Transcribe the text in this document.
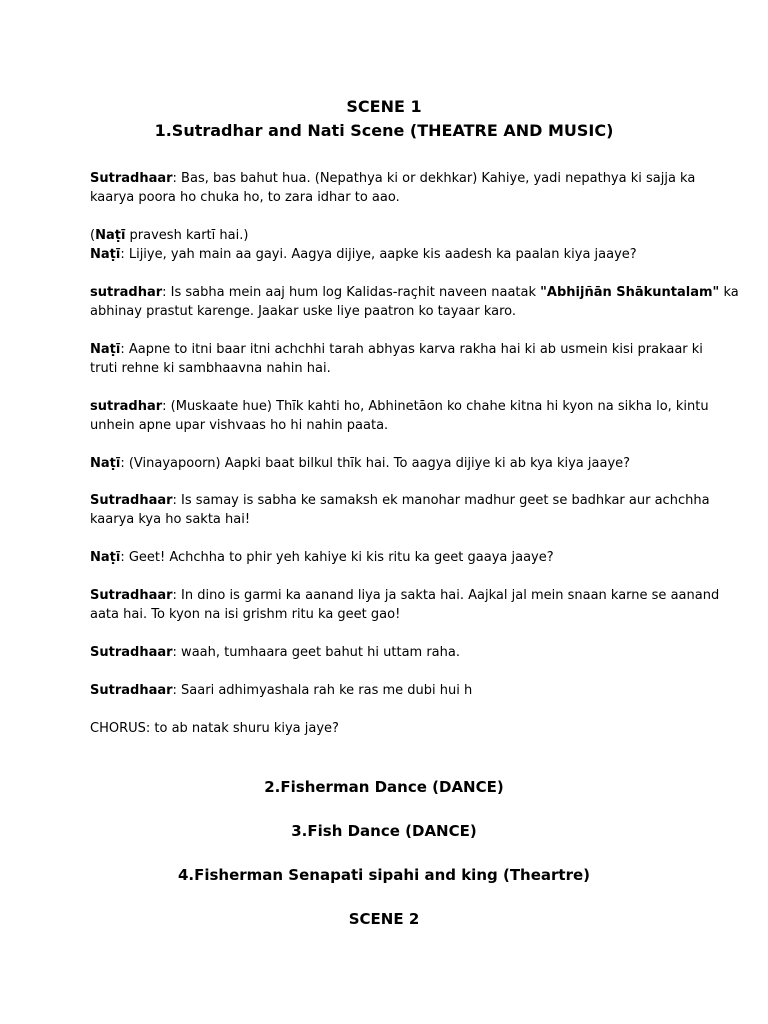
SCENE 1
1.Sutradhar and Nati Scene (THEATRE AND MUSIC)
Sutradhaar: Bas, bas bahut hua. (Nepathya ki or dekhkar) Kahiye, yadi nepathya ki sajja ka
kaarya poora ho chuka ho, to zara idhar to aao.
(Naṭī pravesh kartī hai.)
Naṭī: Lijiye, yah main aa gayi. Aagya dijiye, aapke kis aadesh ka paalan kiya jaaye?
sutradhar: Is sabha mein aaj hum log Kalidas-raçhit naveen naatak "Abhijñān Shākuntalam" ka
abhinay prastut karenge. Jaakar uske liye paatron ko tayaar karo.
Naṭī: Aapne to itni baar itni achchhi tarah abhyas karva rakha hai ki ab usmein kisi prakaar ki
truti rehne ki sambhaavna nahin hai.
sutradhar: (Muskaate hue) Thīk kahti ho, Abhinetāon ko chahe kitna hi kyon na sikha lo, kintu
unhein apne upar vishvaas ho hi nahin paata.
Naṭī: (Vinayapoorn) Aapki baat bilkul thīk hai. To aagya dijiye ki ab kya kiya jaaye?
Sutradhaar: Is samay is sabha ke samaksh ek manohar madhur geet se badhkar aur achchha
kaarya kya ho sakta hai!
Naṭī: Geet! Achchha to phir yeh kahiye ki kis ritu ka geet gaaya jaaye?
Sutradhaar: In dino is garmi ka aanand liya ja sakta hai. Aajkal jal mein snaan karne se aanand
aata hai. To kyon na isi grishm ritu ka geet gao!
Sutradhaar: waah, tumhaara geet bahut hi uttam raha.
Sutradhaar: Saari adhimyashala rah ke ras me dubi hui h
CHORUS: to ab natak shuru kiya jaye?
2.Fisherman Dance (DANCE)
3.Fish Dance (DANCE)
4.Fisherman Senapati sipahi and king (Theartre)
SCENE 2
